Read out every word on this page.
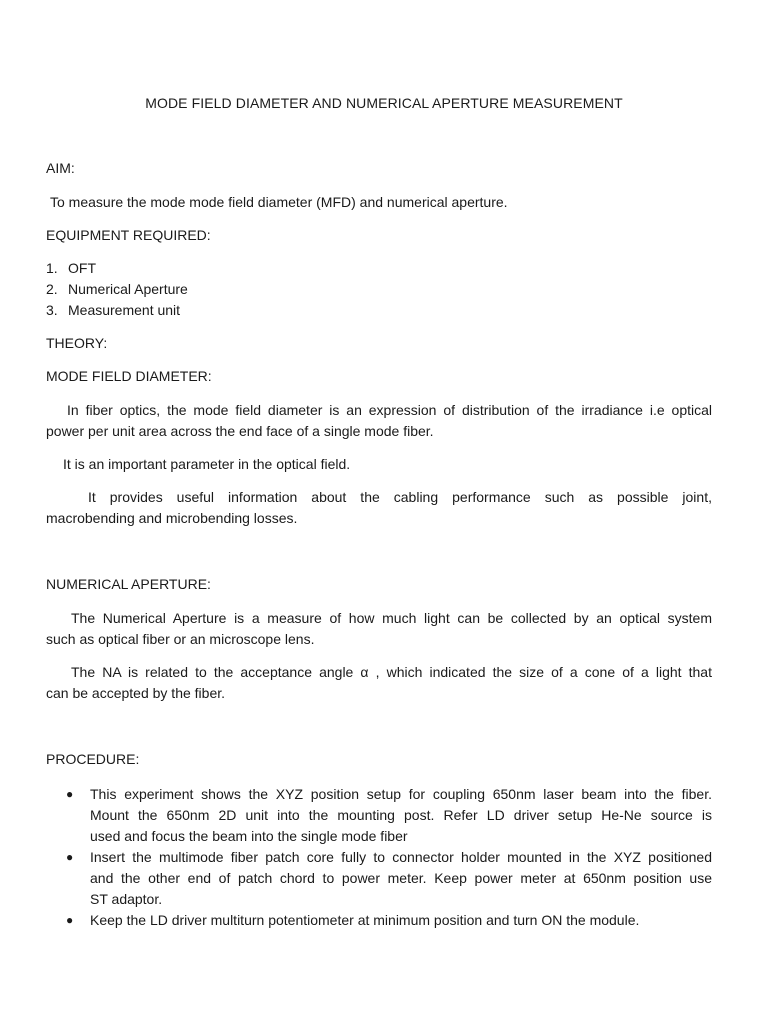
MODE FIELD DIAMETER AND NUMERICAL APERTURE MEASUREMENT
AIM:
To measure the mode mode field diameter (MFD) and numerical aperture.
EQUIPMENT REQUIRED:
1. OFT
2. Numerical Aperture
3. Measurement unit
THEORY:
MODE FIELD DIAMETER:
In fiber optics, the mode field diameter is an expression of distribution of the irradiance i.e optical
power per unit area across the end face of a single mode fiber.
It is an important parameter in the optical field.
It provides useful information about the cabling performance such as possible joint,
macrobending and microbending losses.
NUMERICAL APERTURE:
The Numerical Aperture is a measure of how much light can be collected by an optical system
such as optical fiber or an microscope lens.
The NA is related to the acceptance angle α , which indicated the size of a cone of a light that
can be accepted by the fiber.
PROCEDURE:
● This experiment shows the XYZ position setup for coupling 650nm laser beam into the fiber.
Mount the 650nm 2D unit into the mounting post. Refer LD driver setup He-Ne source is
used and focus the beam into the single mode fiber
● Insert the multimode fiber patch core fully to connector holder mounted in the XYZ positioned
and the other end of patch chord to power meter. Keep power meter at 650nm position use
ST adaptor.
● Keep the LD driver multiturn potentiometer at minimum position and turn ON the module.
